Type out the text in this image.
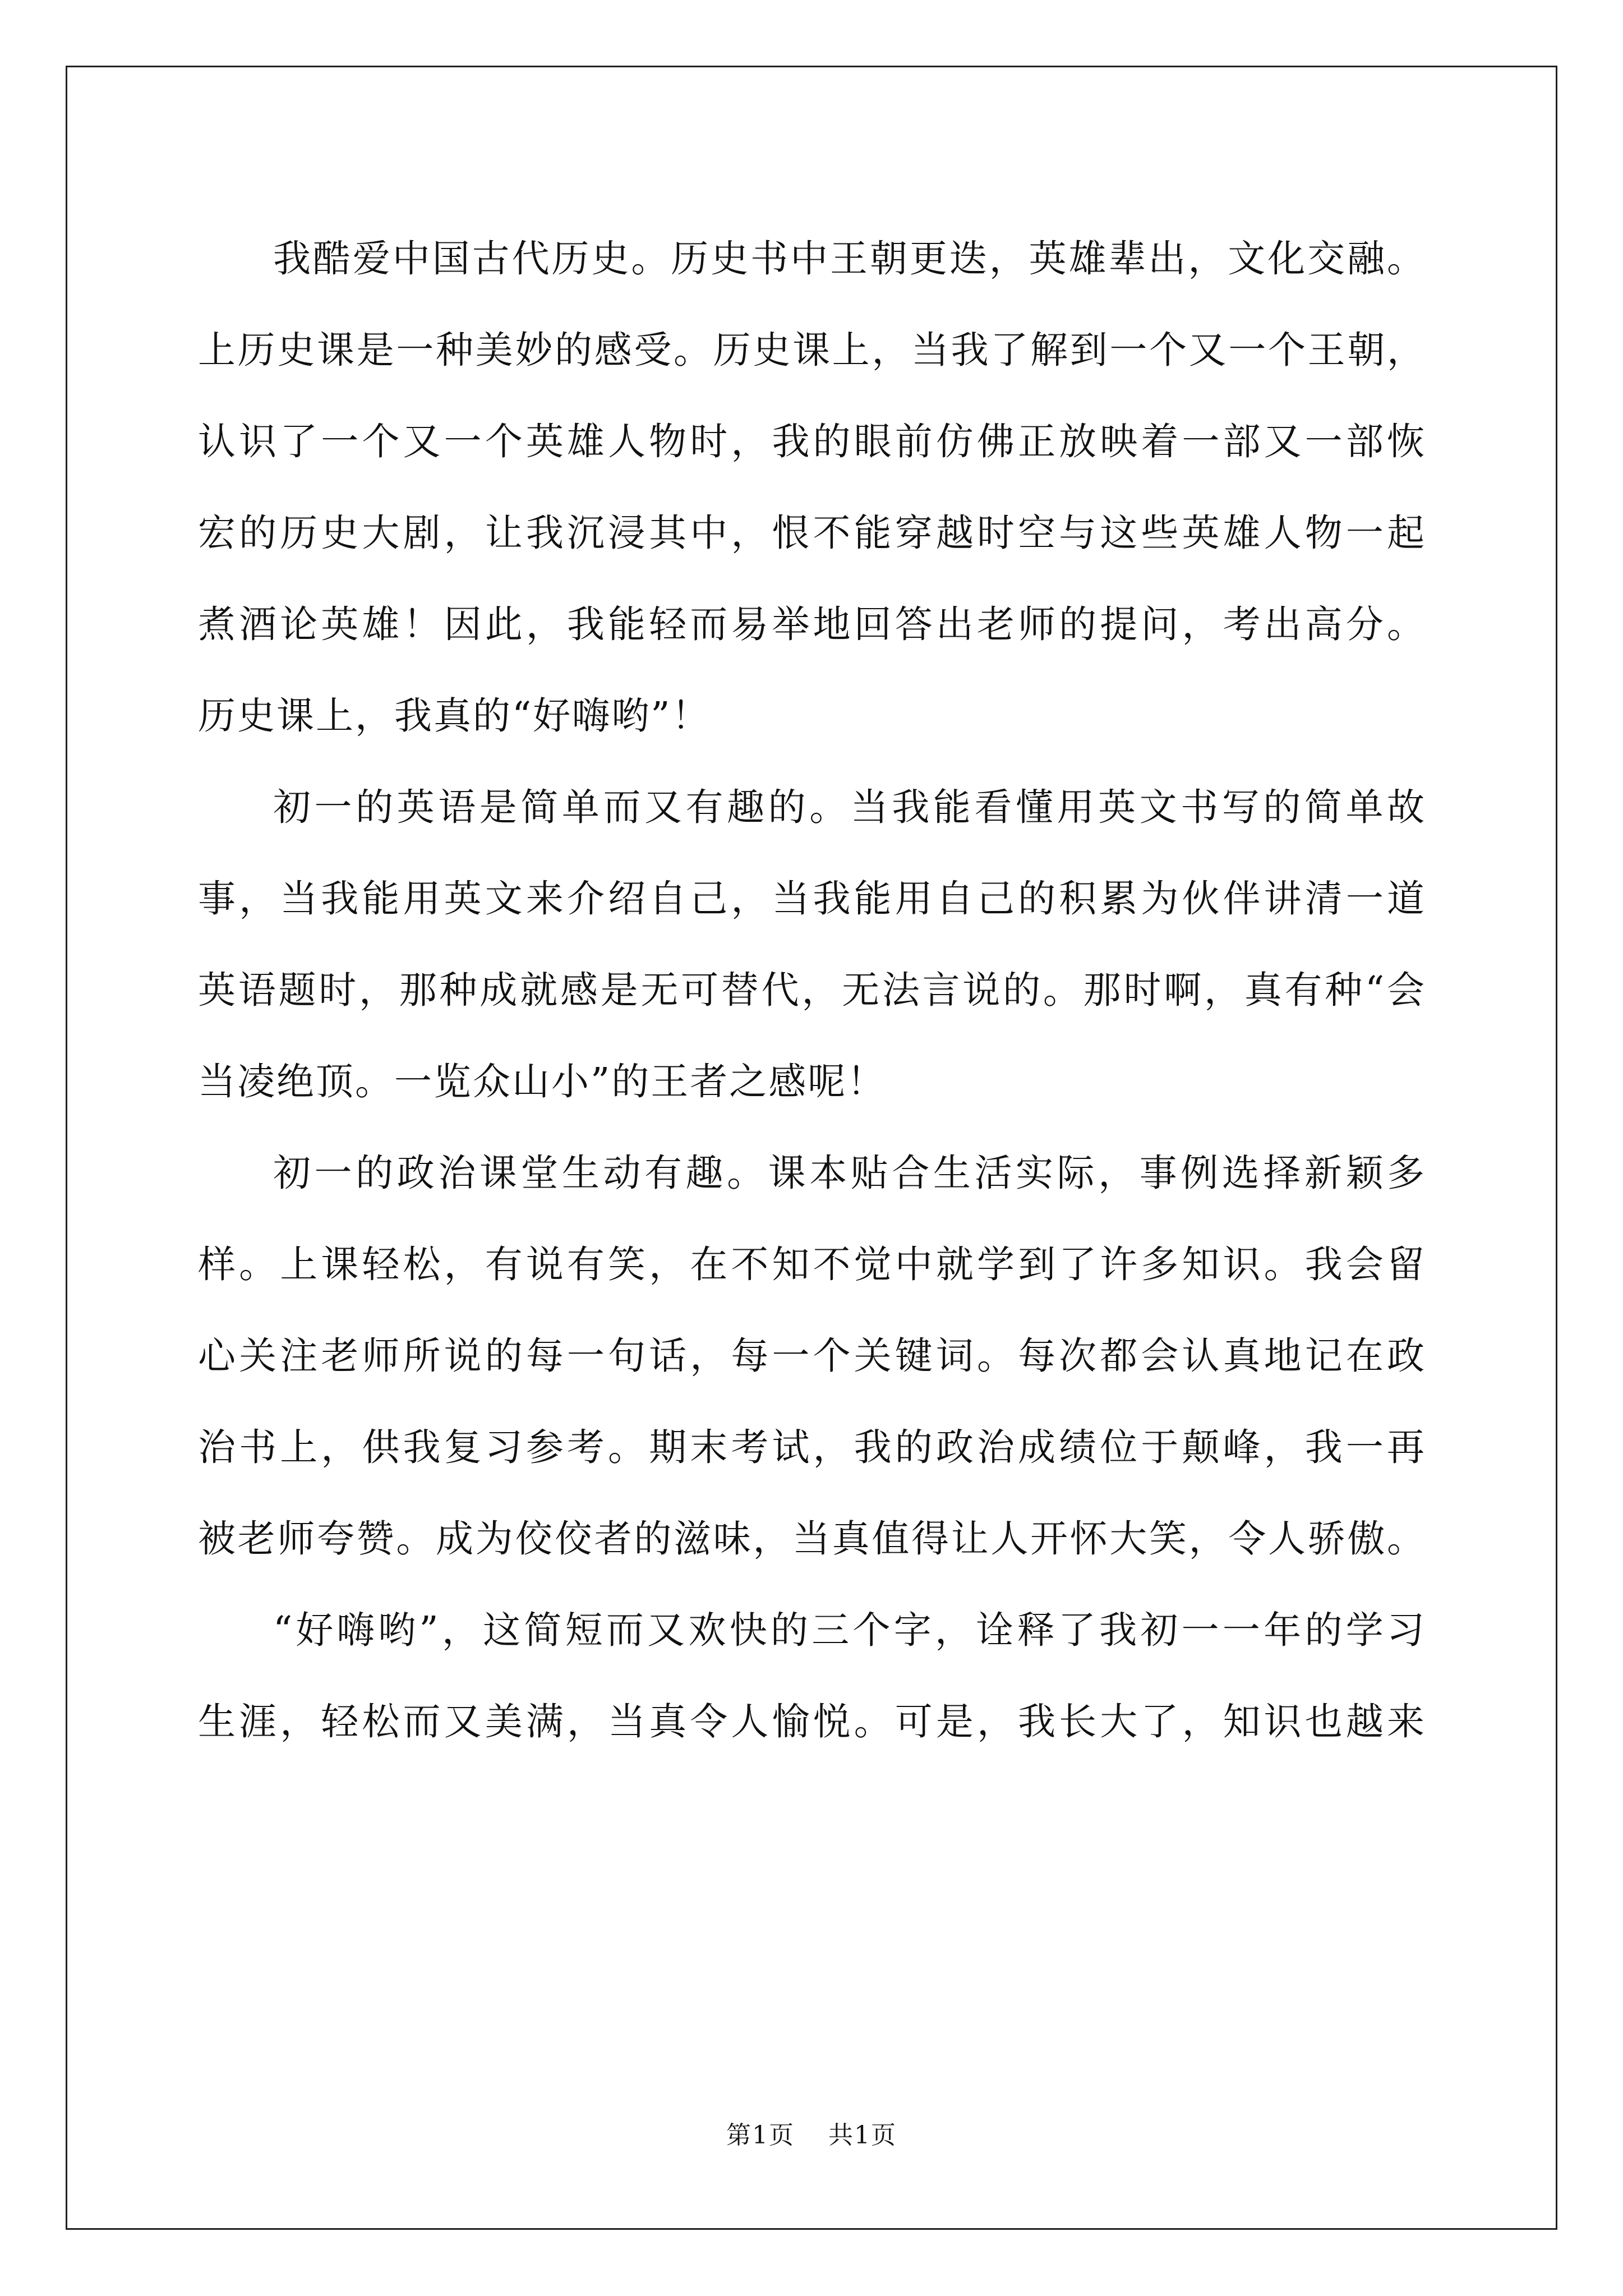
我酷爱中国古代历史。历史书中王朝更迭，英雄辈出，文化交融。
上历史课是一种美妙的感受。历史课上，当我了解到一个又一个王朝，
认识了一个又一个英雄人物时，我的眼前仿佛正放映着一部又一部恢
宏的历史大剧，让我沉浸其中，恨不能穿越时空与这些英雄人物一起
煮酒论英雄！因此，我能轻而易举地回答出老师的提问，考出高分。
历史课上，我真的“好嗨哟”！
初一的英语是简单而又有趣的。当我能看懂用英文书写的简单故
事，当我能用英文来介绍自己，当我能用自己的积累为伙伴讲清一道
英语题时，那种成就感是无可替代，无法言说的。那时啊，真有种“会
当凌绝顶。一览众山小”的王者之感呢！
初一的政治课堂生动有趣。课本贴合生活实际，事例选择新颖多
样。上课轻松，有说有笑，在不知不觉中就学到了许多知识。我会留
心关注老师所说的每一句话，每一个关键词。每次都会认真地记在政
治书上，供我复习参考。期末考试，我的政治成绩位于颠峰，我一再
被老师夸赞。成为佼佼者的滋味，当真值得让人开怀大笑，令人骄傲。
“好嗨哟”，这简短而又欢快的三个字，诠释了我初一一年的学习
生涯，轻松而又美满，当真令人愉悦。可是，我长大了，知识也越来
第1页 共1页
